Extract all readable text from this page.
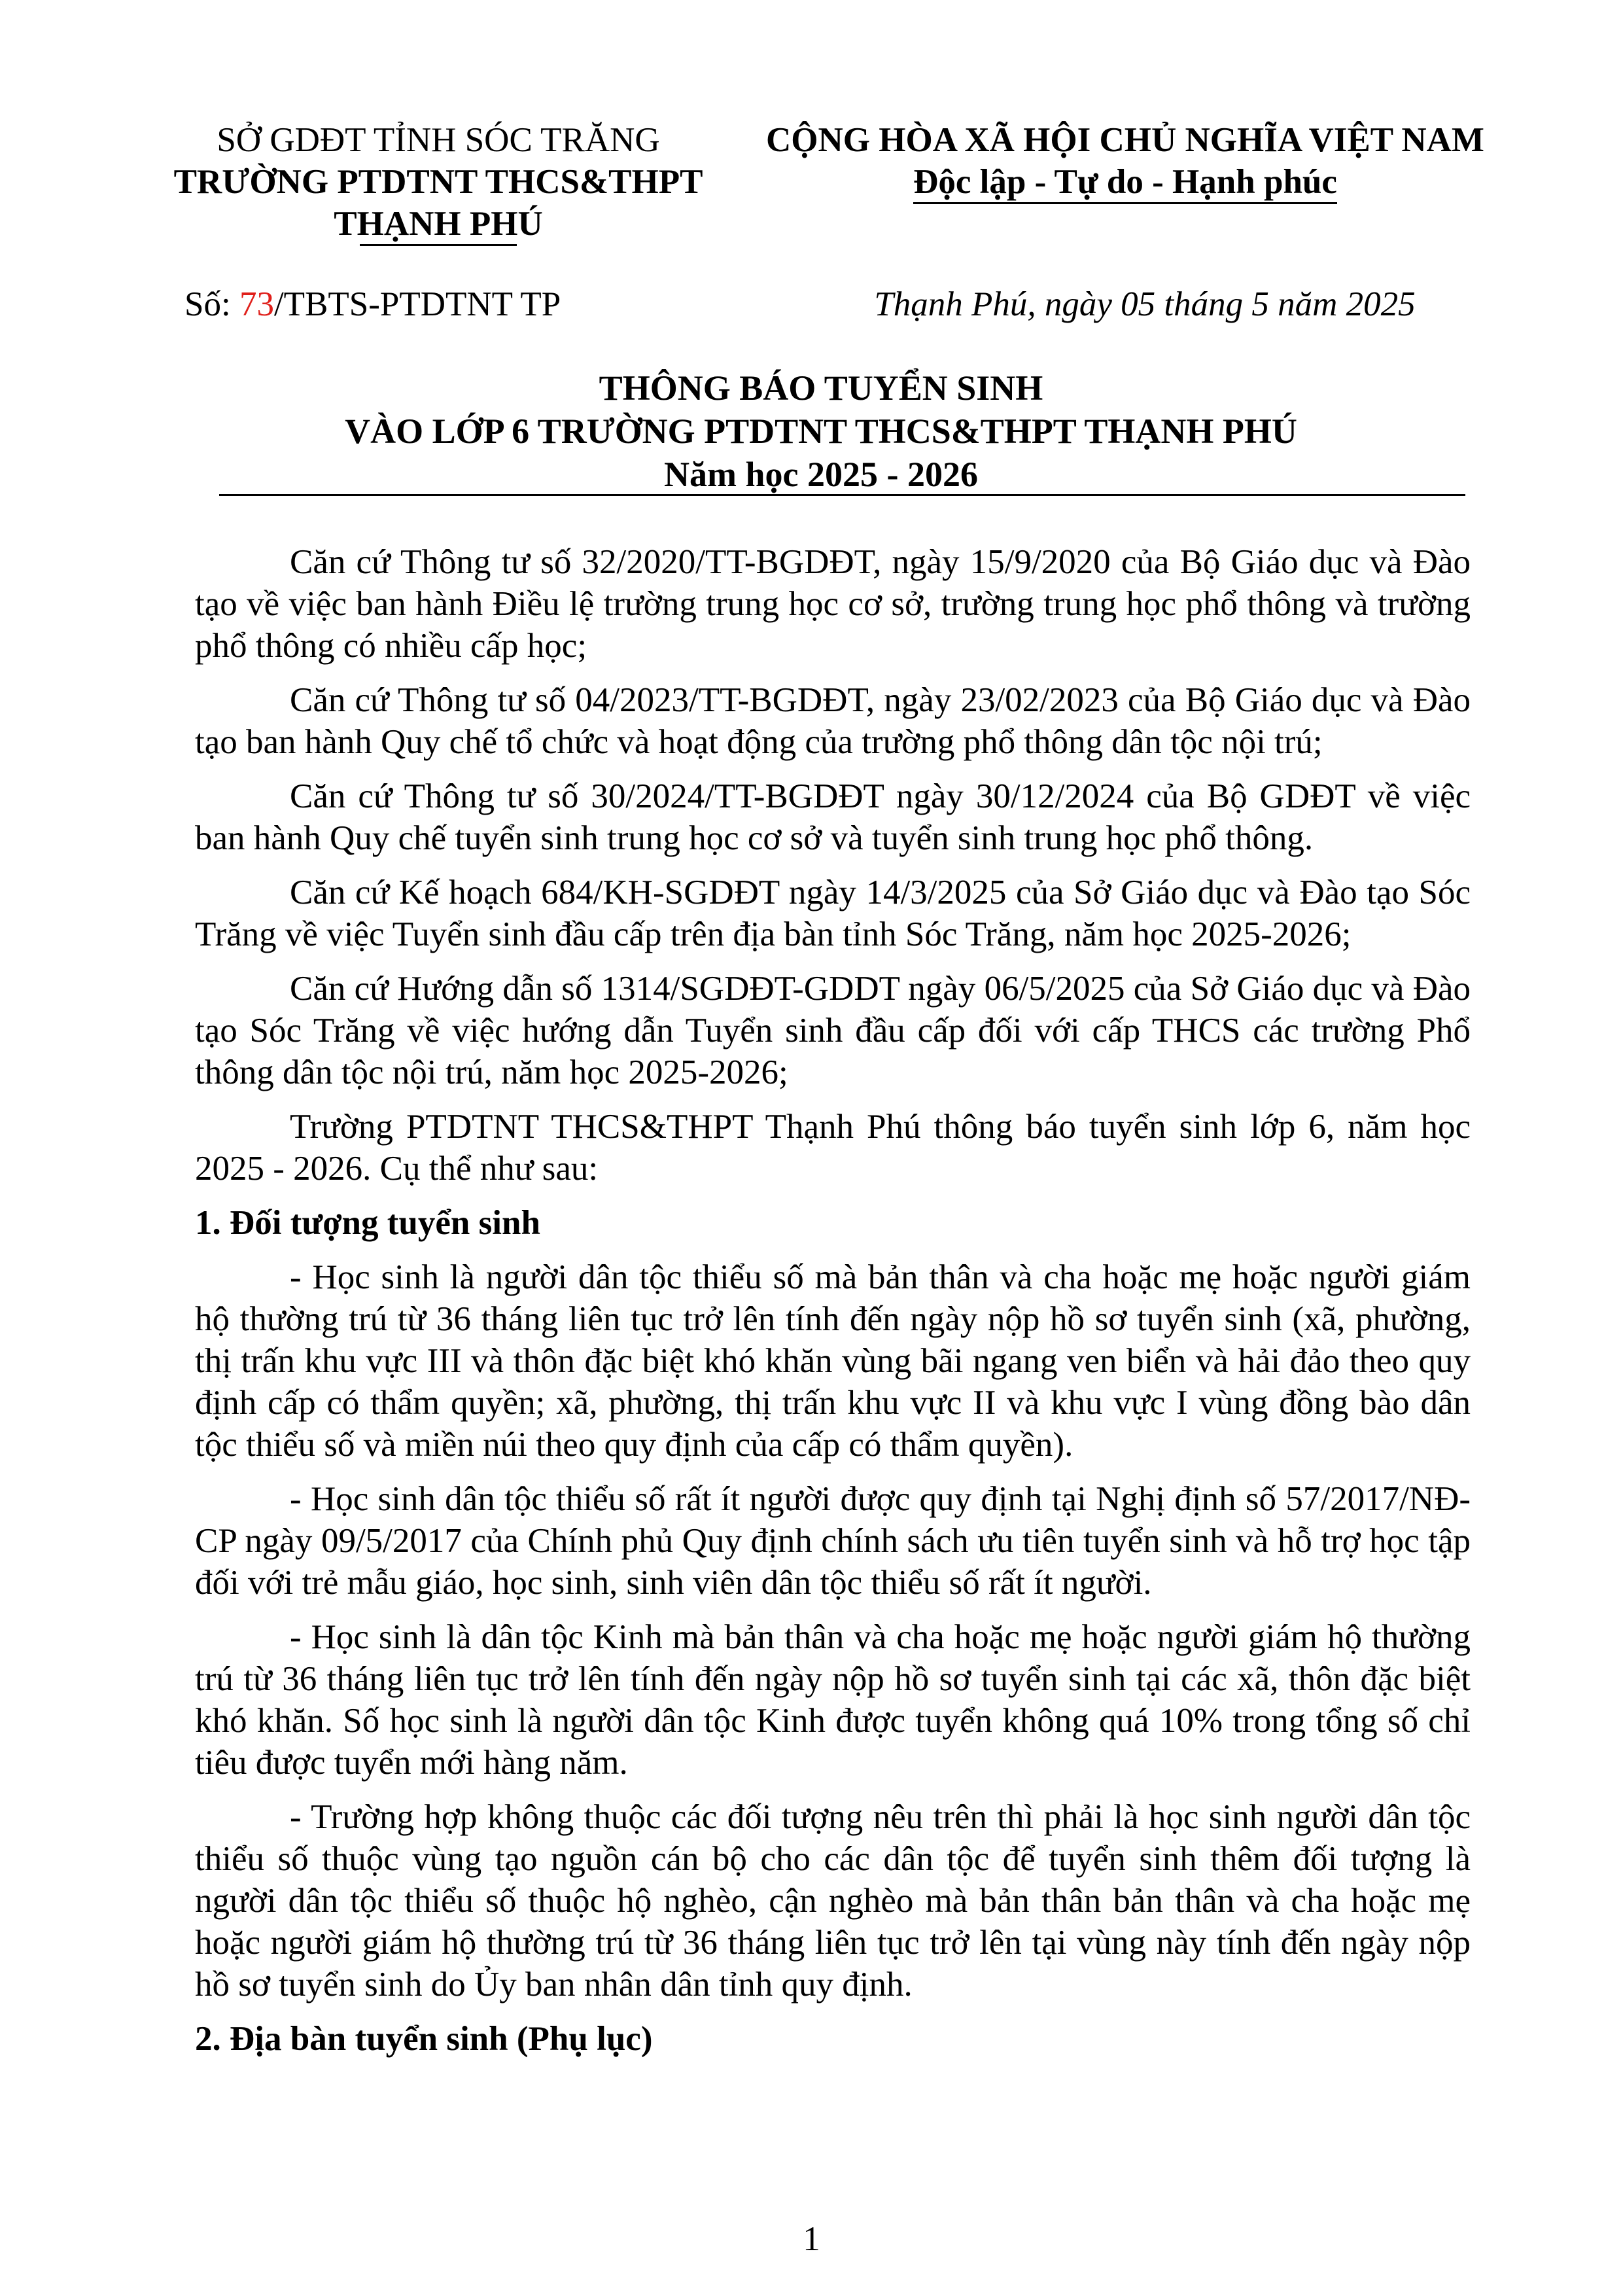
SỞ GDĐT TỈNH SÓC TRĂNG
TRƯỜNG PTDTNT THCS&THPT
THẠNH PHÚ
CỘNG HÒA XÃ HỘI CHỦ NGHĨA VIỆT NAM
Độc lập - Tự do - Hạnh phúc
Số: 73/TBTS-PTDTNT TP	Thạnh Phú, ngày 05 tháng 5 năm 2025
THÔNG BÁO TUYỂN SINH
VÀO LỚP 6 TRƯỜNG PTDTNT THCS&THPT THẠNH PHÚ
Năm học 2025 - 2026

Căn cứ Thông tư số 32/2020/TT-BGDĐT, ngày 15/9/2020 của Bộ Giáo dục và Đào tạo về việc ban hành Điều lệ trường trung học cơ sở, trường trung học phổ thông và trường phổ thông có nhiều cấp học;

Căn cứ Thông tư số 04/2023/TT-BGDĐT, ngày 23/02/2023 của Bộ Giáo dục và Đào tạo ban hành Quy chế tổ chức và hoạt động của trường phổ thông dân tộc nội trú;

Căn cứ Thông tư số 30/2024/TT-BGDĐT ngày 30/12/2024 của Bộ GDĐT về việc ban hành Quy chế tuyển sinh trung học cơ sở và tuyển sinh trung học phổ thông.

Căn cứ Kế hoạch 684/KH-SGDĐT ngày 14/3/2025 của Sở Giáo dục và Đào tạo Sóc Trăng về việc Tuyển sinh đầu cấp trên địa bàn tỉnh Sóc Trăng, năm học 2025-2026;

Căn cứ Hướng dẫn số 1314/SGDĐT-GDDT ngày 06/5/2025 của Sở Giáo dục và Đào tạo Sóc Trăng về việc hướng dẫn Tuyển sinh đầu cấp đối với cấp THCS các trường Phổ thông dân tộc nội trú, năm học 2025-2026;

Trường PTDTNT THCS&THPT Thạnh Phú thông báo tuyển sinh lớp 6, năm học 2025 - 2026. Cụ thể như sau:

1. Đối tượng tuyển sinh

- Học sinh là người dân tộc thiểu số mà bản thân và cha hoặc mẹ hoặc người giám hộ thường trú từ 36 tháng liên tục trở lên tính đến ngày nộp hồ sơ tuyển sinh (xã, phường, thị trấn khu vực III và thôn đặc biệt khó khăn vùng bãi ngang ven biển và hải đảo theo quy định cấp có thẩm quyền; xã, phường, thị trấn khu vực II và khu vực I vùng đồng bào dân tộc thiểu số và miền núi theo quy định của cấp có thẩm quyền).

- Học sinh dân tộc thiểu số rất ít người được quy định tại Nghị định số 57/2017/NĐ-CP ngày 09/5/2017 của Chính phủ Quy định chính sách ưu tiên tuyển sinh và hỗ trợ học tập đối với trẻ mẫu giáo, học sinh, sinh viên dân tộc thiểu số rất ít người.

- Học sinh là dân tộc Kinh mà bản thân và cha hoặc mẹ hoặc người giám hộ thường trú từ 36 tháng liên tục trở lên tính đến ngày nộp hồ sơ tuyển sinh tại các xã, thôn đặc biệt khó khăn. Số học sinh là người dân tộc Kinh được tuyển không quá 10% trong tổng số chỉ tiêu được tuyển mới hàng năm.

- Trường hợp không thuộc các đối tượng nêu trên thì phải là học sinh người dân tộc thiểu số thuộc vùng tạo nguồn cán bộ cho các dân tộc để tuyển sinh thêm đối tượng là người dân tộc thiểu số thuộc hộ nghèo, cận nghèo mà bản thân bản thân và cha hoặc mẹ hoặc người giám hộ thường trú từ 36 tháng liên tục trở lên tại vùng này tính đến ngày nộp hồ sơ tuyển sinh do Ủy ban nhân dân tỉnh quy định.

2. Địa bàn tuyển sinh (Phụ lục)

1
